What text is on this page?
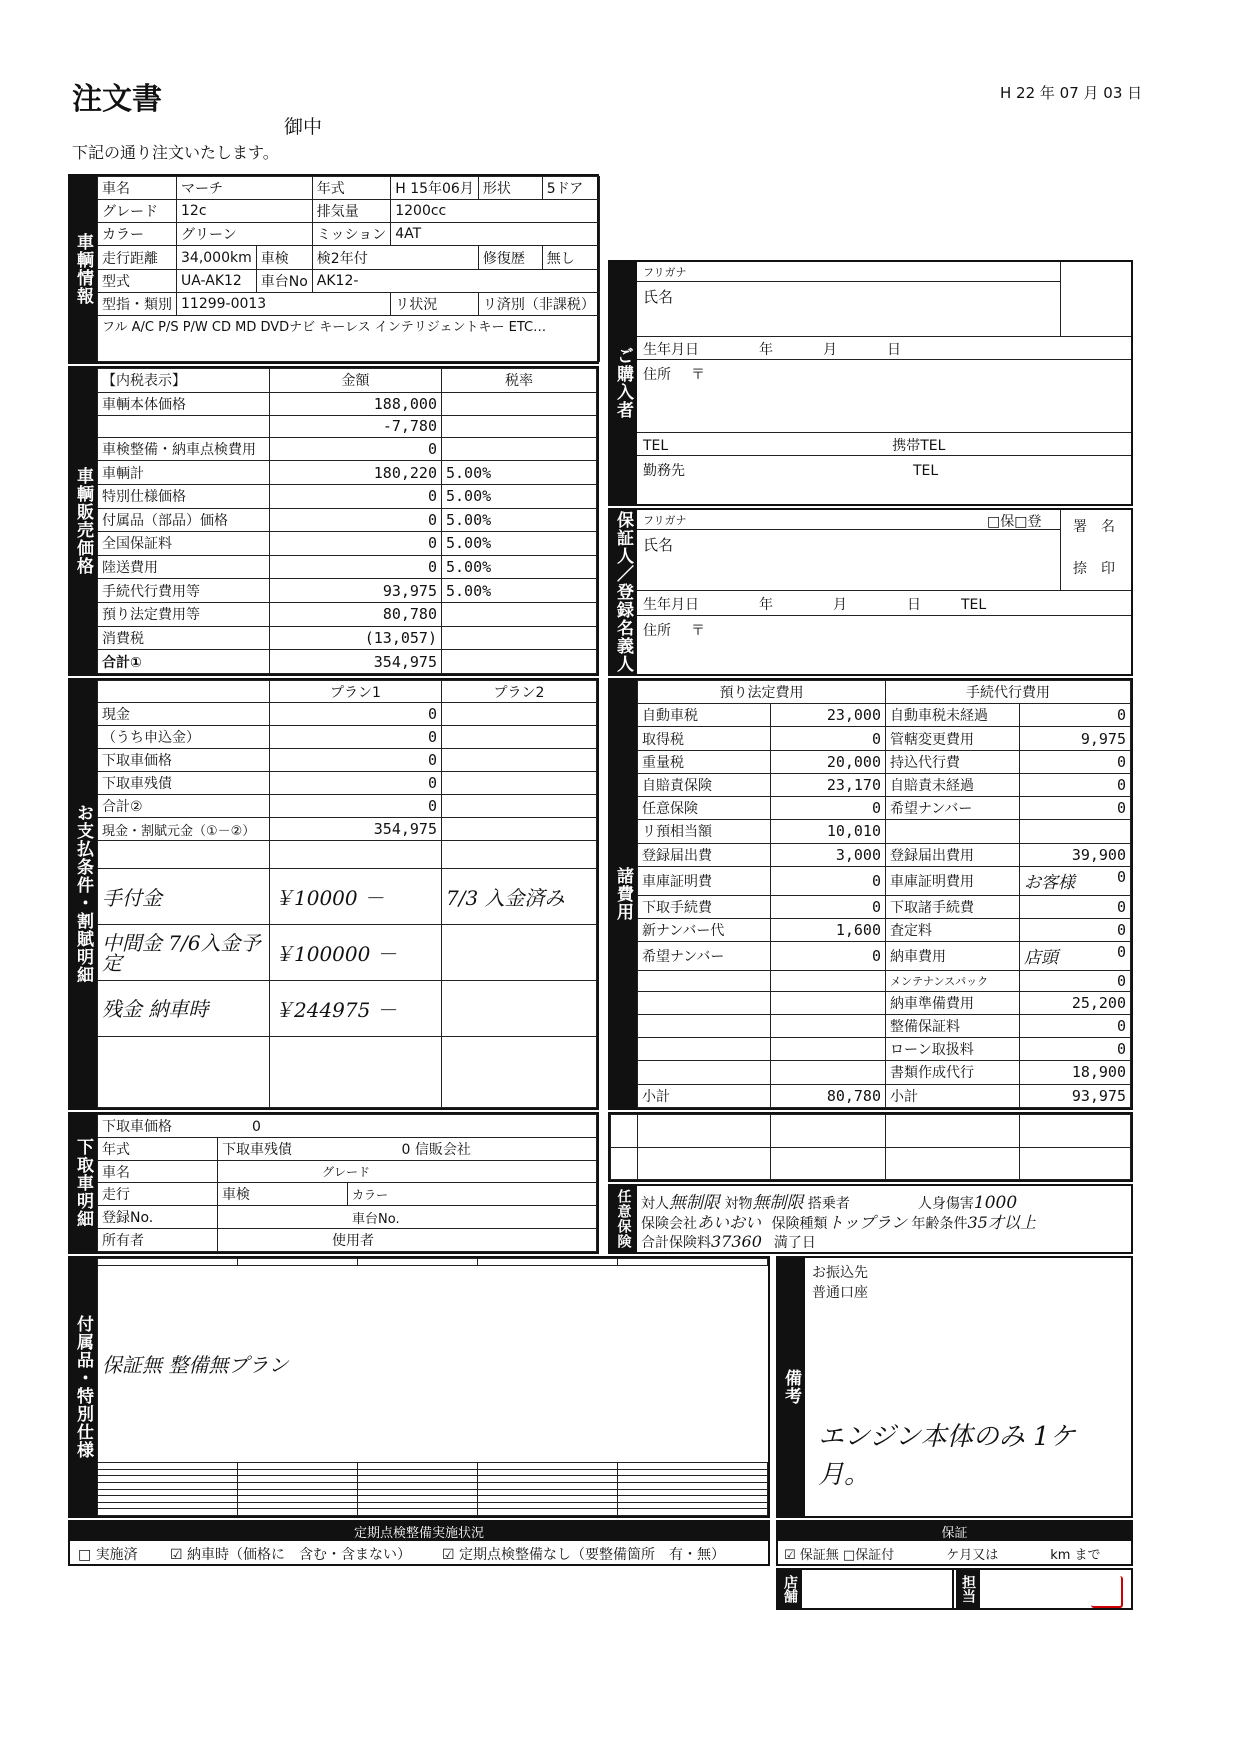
注文書	H 22 年 07 月 03 日
御中
下記の通り注文いたします。
車輌情報
車名	マーチ		年式	H 15年06月	形状	5ドア
グレード	12c		排気量	1200cc		
カラー	グリーン		ミッション	4AT		
走行距離	34,000km	車検	検2年付		修復歴	無し
型式	UA-AK12	車台No	AK12-			
型指・類別	11299-0013			リ状況	リ済別（非課税）	
フル A/C P/S P/W CD MD DVDナビ キーレス インテリジェントキー ETC…						
車輌販売価格
【内税表示】	金額	税率
車輌本体価格	188,000	
	-7,780	
車検整備・納車点検費用	0	
車輌計	180,220	5.00%
特別仕様価格	0	5.00%
付属品（部品）価格	0	5.00%
全国保証料	0	5.00%
陸送費用	0	5.00%
手続代行費用等	93,975	5.00%
預り法定費用等	80,780	
消費税	(13,057)	
合計①	354,975	
お支払条件・割賦明細
	プラン1	プラン2
現金	0	
（うち申込金）	0	
下取車価格	0	
下取車残債	0	
合計②	0	
現金・割賦元金（①－②）	354,975	

手付金	￥10000 －	7/3 入金済み
中間金 7/6入金予定	￥100000 －	
残金 納車時	￥244975 －	

下取車明細
下取車価格 0		
年式	下取車残債	0 信販会社
車名	グレード	
走行	車検	カラー
登録No.	車台No.	
所有者	使用者	
付属品・特別仕様
				保証無 整備無プラン				

定期点検整備実施状況
□ 実施済 ☑ 納車時（価格に　含む・含まない） ☑ 定期点検整備なし（要整備箇所　有・無）
ご購入者
フリガナ
氏名
生年月日	年	月	日
住所 〒
TEL	携帯TEL
勤務先	TEL
保証人／登録名義人 フリガナ	□保□登
氏名
署　名
捺　印
生年月日	年	月	日	TEL
住所 〒
諸費用
預り法定費用		手続代行費用	
自動車税	23,000	自動車税未経過	0
取得税	0	管轄変更費用	9,975
重量税	20,000	持込代行費	0
自賠責保険	23,170	自賠責未経過	0
任意保険	0	希望ナンバー	0
リ預相当額	10,010		
登録届出費	3,000	登録届出費用	39,900
車庫証明費	0	車庫証明費用	お客様 0
下取手続費	0	下取諸手続費	0
新ナンバー代	1,600	査定料	0
希望ナンバー	0	納車費用	店頭 0
		メンテナンスパック	0
		納車準備費用	25,200
		整備保証料	0
		ローン取扱料	0
		書類作成代行	18,900
小計	80,780	小計	93,975

任意保険 対人無制限 対物無制限 搭乗者	人身傷害1000
保険会社あいおい 保険種類トップラン 年齢条件35才以上
合計保険料37360 満了日
備考
お振込先
普通口座
エンジン本体のみ 1ケ月。
保証
☑ 保証無 □保証付　　　　ケ月又は　　　　km まで
店舗	担当
